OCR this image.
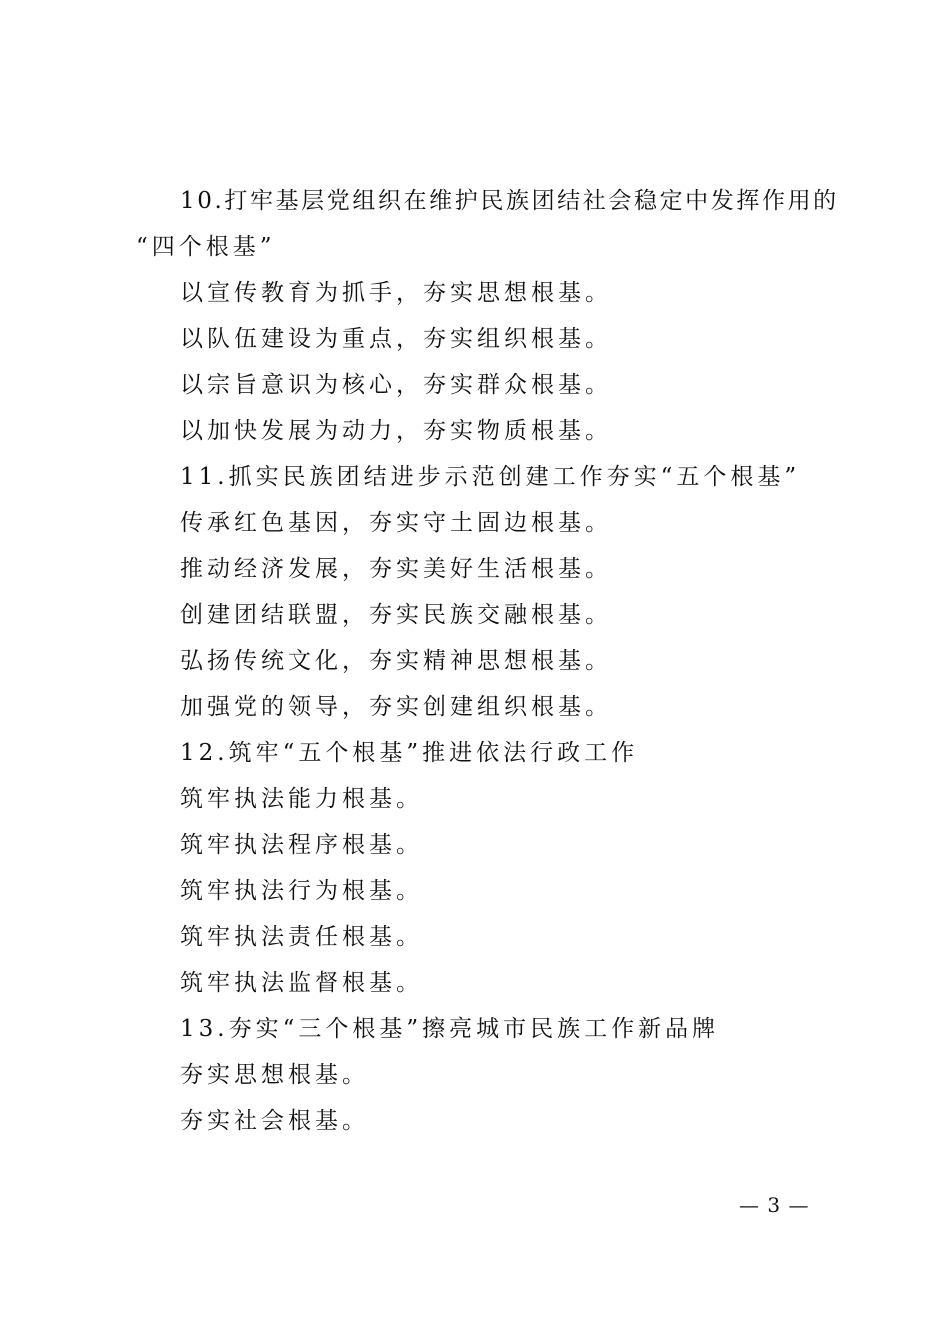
10.打牢基层党组织在维护民族团结社会稳定中发挥作用的
“四个根基”
以宣传教育为抓手，夯实思想根基。
以队伍建设为重点，夯实组织根基。
以宗旨意识为核心，夯实群众根基。
以加快发展为动力，夯实物质根基。
11.抓实民族团结进步示范创建工作夯实“五个根基”
传承红色基因，夯实守土固边根基。
推动经济发展，夯实美好生活根基。
创建团结联盟，夯实民族交融根基。
弘扬传统文化，夯实精神思想根基。
加强党的领导，夯实创建组织根基。
12.筑牢“五个根基”推进依法行政工作
筑牢执法能力根基。
筑牢执法程序根基。
筑牢执法行为根基。
筑牢执法责任根基。
筑牢执法监督根基。
13.夯实“三个根基”擦亮城市民族工作新品牌
夯实思想根基。
夯实社会根基。
— 3 —
